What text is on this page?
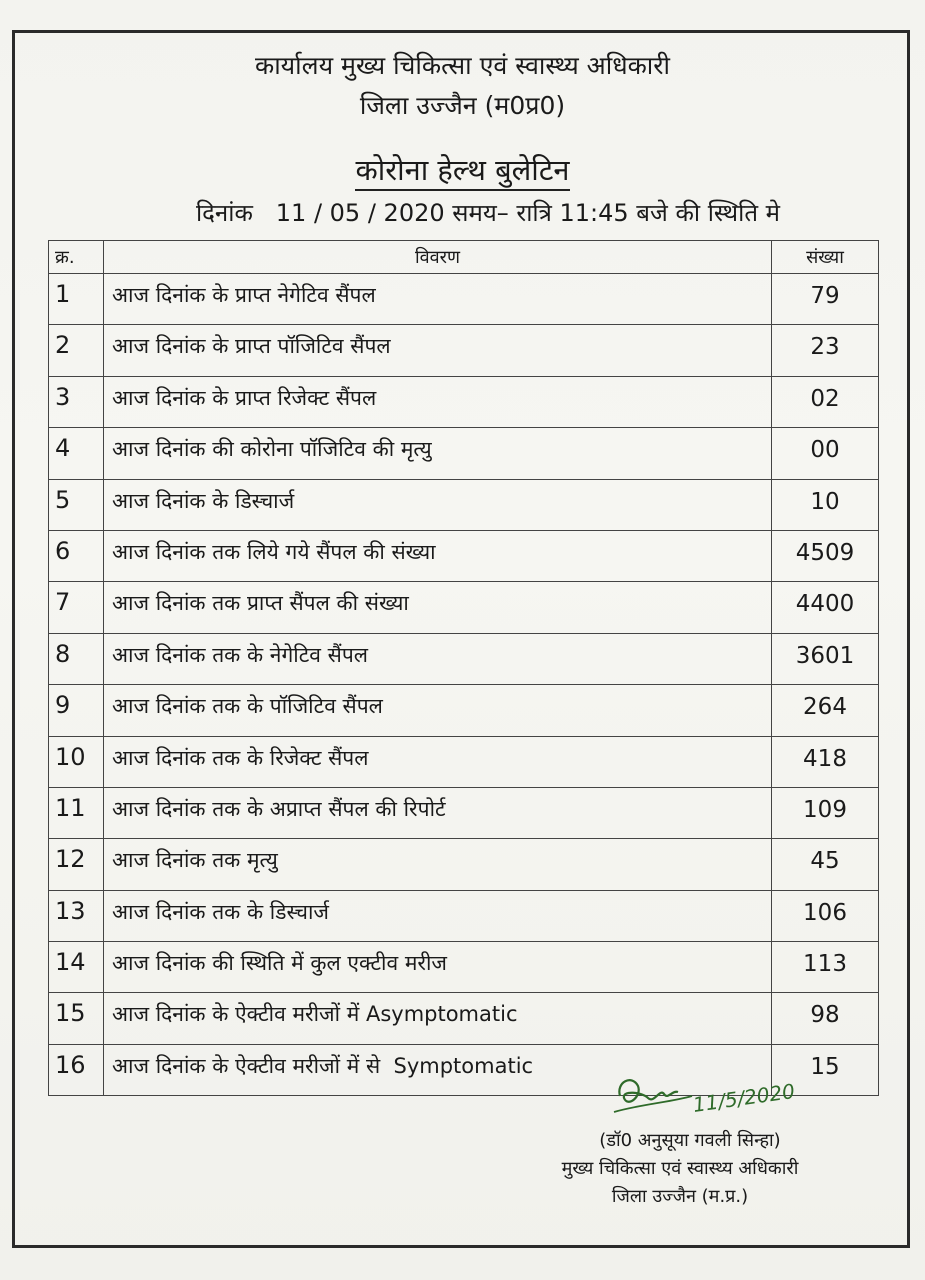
कार्यालय मुख्य चिकित्सा एवं स्वास्थ्य अधिकारी
जिला उज्जैन (म0प्र0)
कोरोना हेल्थ बुलेटिन
दिनांक   11 / 05 / 2020 समय– रात्रि 11:45 बजे की स्थिति मे
क्र.	विवरण	संख्या
1	आज दिनांक के प्राप्त नेगेटिव सैंपल	79
2	आज दिनांक के प्राप्त पॉजिटिव सैंपल	23
3	आज दिनांक के प्राप्त रिजेक्ट सैंपल	02
4	आज दिनांक की कोरोना पॉजिटिव की मृत्यु	00
5	आज दिनांक के डिस्चार्ज	10
6	आज दिनांक तक लिये गये सैंपल की संख्या	4509
7	आज दिनांक तक प्राप्त सैंपल की संख्या	4400
8	आज दिनांक तक के नेगेटिव सैंपल	3601
9	आज दिनांक तक के पॉजिटिव सैंपल	264
10	आज दिनांक तक के रिजेक्ट सैंपल	418
11	आज दिनांक तक के अप्राप्त सैंपल की रिपोर्ट	109
12	आज दिनांक तक मृत्यु	45
13	आज दिनांक तक के डिस्चार्ज	106
14	आज दिनांक की स्थिति में कुल एक्टीव मरीज	113
15	आज दिनांक के ऐक्टीव मरीजों में Asymptomatic	98
16	आज दिनांक के ऐक्टीव मरीजों में से  Symptomatic	15
11/5/2020
(डॉ0 अनुसूया गवली सिन्हा)
मुख्य चिकित्सा एवं स्वास्थ्य अधिकारी
जिला उज्जैन (म.प्र.)
